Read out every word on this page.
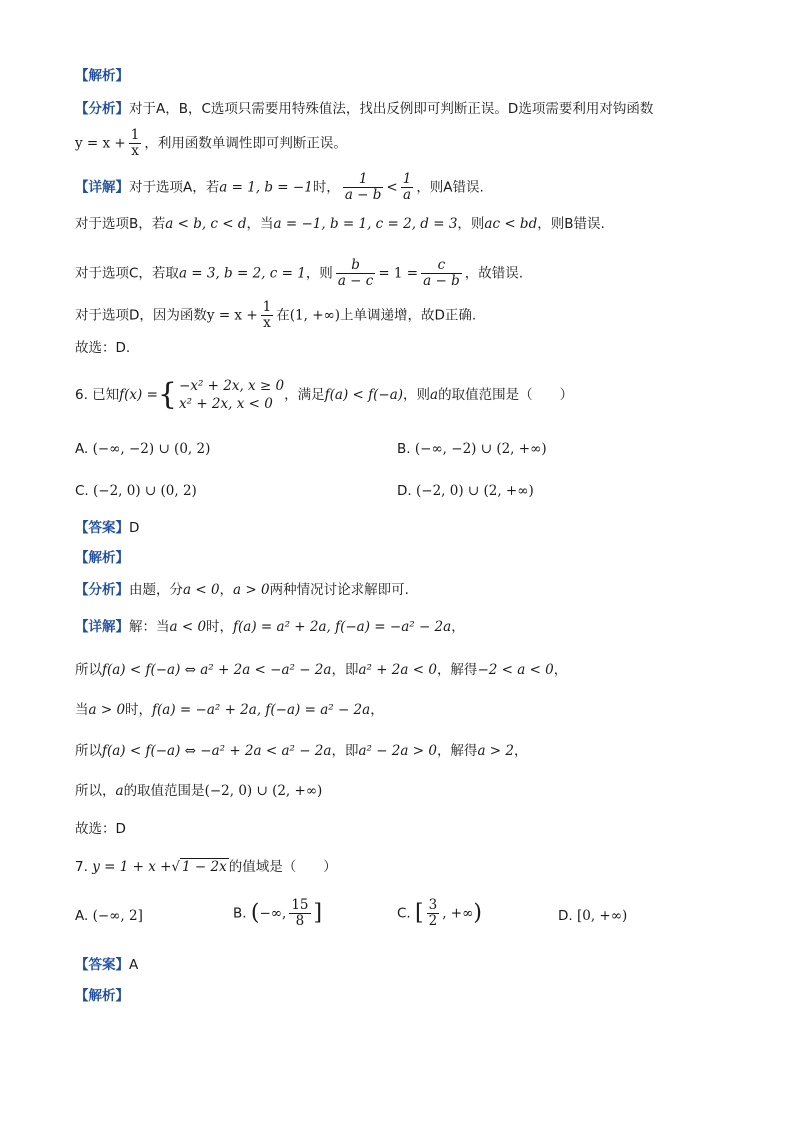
【解析】
【分析】对于A，B，C选项只需要用特殊值法，找出反例即可判断正误。D选项需要利用对钩函数
$y = x + \frac{1}{x}$ ，利用函数单调性即可判断正误。
【详解】对于选项A，若a = 1, b = −1时， $\frac{1}{a - b} < \frac{1}{a}$ ，则A错误.
对于选项B，若a < b, c < d，当a = −1, b = 1, c = 2, d = 3，则ac < bd，则B错误.
对于选项C，若取a = 3, b = 2, c = 1，则 $\frac{b}{a - c} = 1 = \frac{c}{a - b}$ ，故错误.
对于选项D，因为函数$y = x + \frac{1}{x}$ 在(1, +∞)上单调递增，故D正确.
故选：D.
6. 已知f(x) ={ −x² + 2x, x ≥ 0
x² + 2x, x < 0
，满足f(a) < f(−a)，则a的取值范围是（　　）
A. (−∞, −2) ∪ (0, 2)	B. (−∞, −2) ∪ (2, +∞)
C. (−2, 0) ∪ (0, 2)	D. (−2, 0) ∪ (2, +∞)
【答案】D
【解析】
【分析】由题，分a < 0，a > 0两种情况讨论求解即可.
【详解】解：当a < 0时，f(a) = a² + 2a, f(−a) = −a² − 2a，
所以f(a) < f(−a) ⇔ a² + 2a < −a² − 2a，即a² + 2a < 0，解得−2 < a < 0，
当a > 0时，f(a) = −a² + 2a, f(−a) = a² − 2a，
所以f(a) < f(−a) ⇔ −a² + 2a < a² − 2a，即a² − 2a > 0，解得a > 2，
所以，a的取值范围是(−2, 0) ∪ (2, +∞)
故选：D
7. y = 1 + x +√ 1 − 2x 的值域是（　　）
A. (−∞, 2]	B. (−∞, $\frac{15}{8}$ ]	C. [ $\frac{3}{2}$ , +∞)	D. [0, +∞)
【答案】A
【解析】
